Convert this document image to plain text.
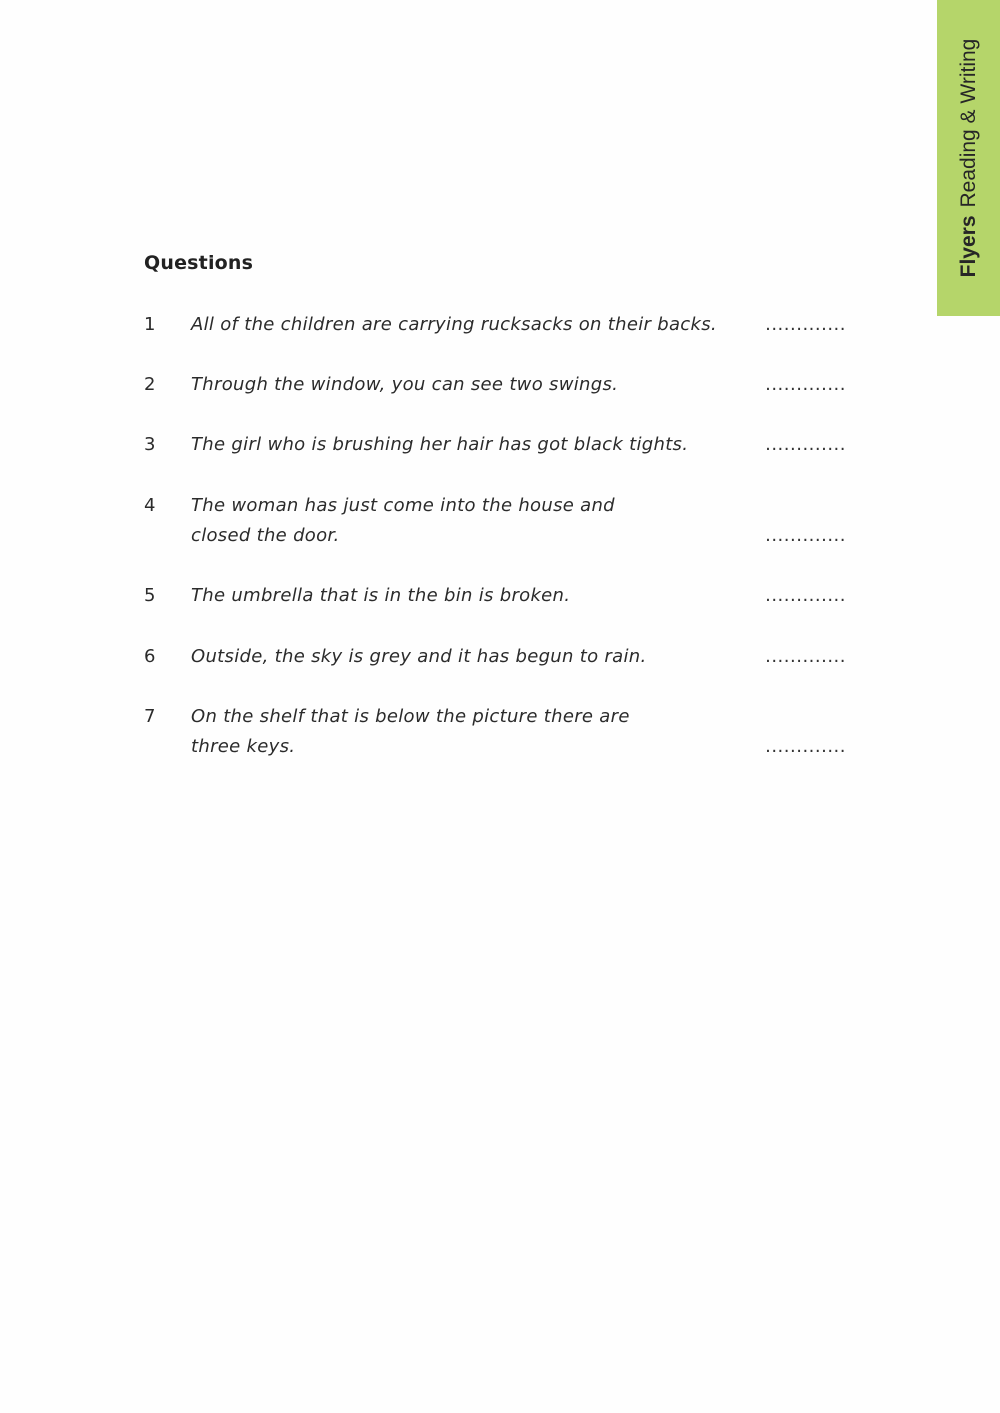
FlyersReading & Writing
Questions
1 All of the children are carrying rucksacks on their backs.	.............
2 Through the window, you can see two swings.	.............
3 The girl who is brushing her hair has got black tights.	.............
4 The woman has just come into the house and closed the door.	.............
5 The umbrella that is in the bin is broken.	.............
6 Outside, the sky is grey and it has begun to rain.	.............
7 On the shelf that is below the picture there are three keys.	.............
